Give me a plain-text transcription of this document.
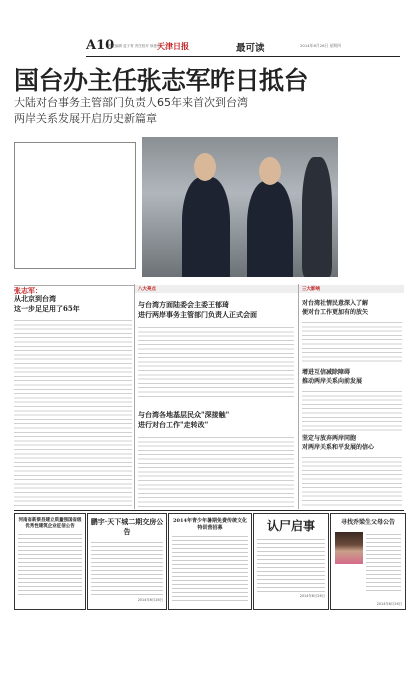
A10
责任编辑 蓝子青 责任校对 徐惠莹
天津日报	最可读	2014年6月26日 星期四
国台办主任张志军昨日抵台
大陆对台事务主管部门负责人65年来首次到台湾
两岸关系发展开启历史新篇章
张志军：
从北京到台湾
这一步足足用了65年
八大亮点
与台湾方面陆委会主委王郁琦
进行两岸事务主管部门负责人正式会面
与台湾各地基层民众"深接触"
进行对台工作"走转改"
三大影响
对台湾社情民意深入了解
便对台工作更加有的放矢
增进互信减除障碍
推动两岸关系向前发展
坚定与放弃两岸同胞
对两岸关系和平发展的信心
河南省新蔡县建立质量强国省级优秀性建筑企业征信公告
鹏宇·天下城二期交房公告
2014年6月26日
2014年青少年暑期免费传统文化特训营招募	认尸启事
2014年6月26日
寻找乔梁生父母公告
2014年6月26日
